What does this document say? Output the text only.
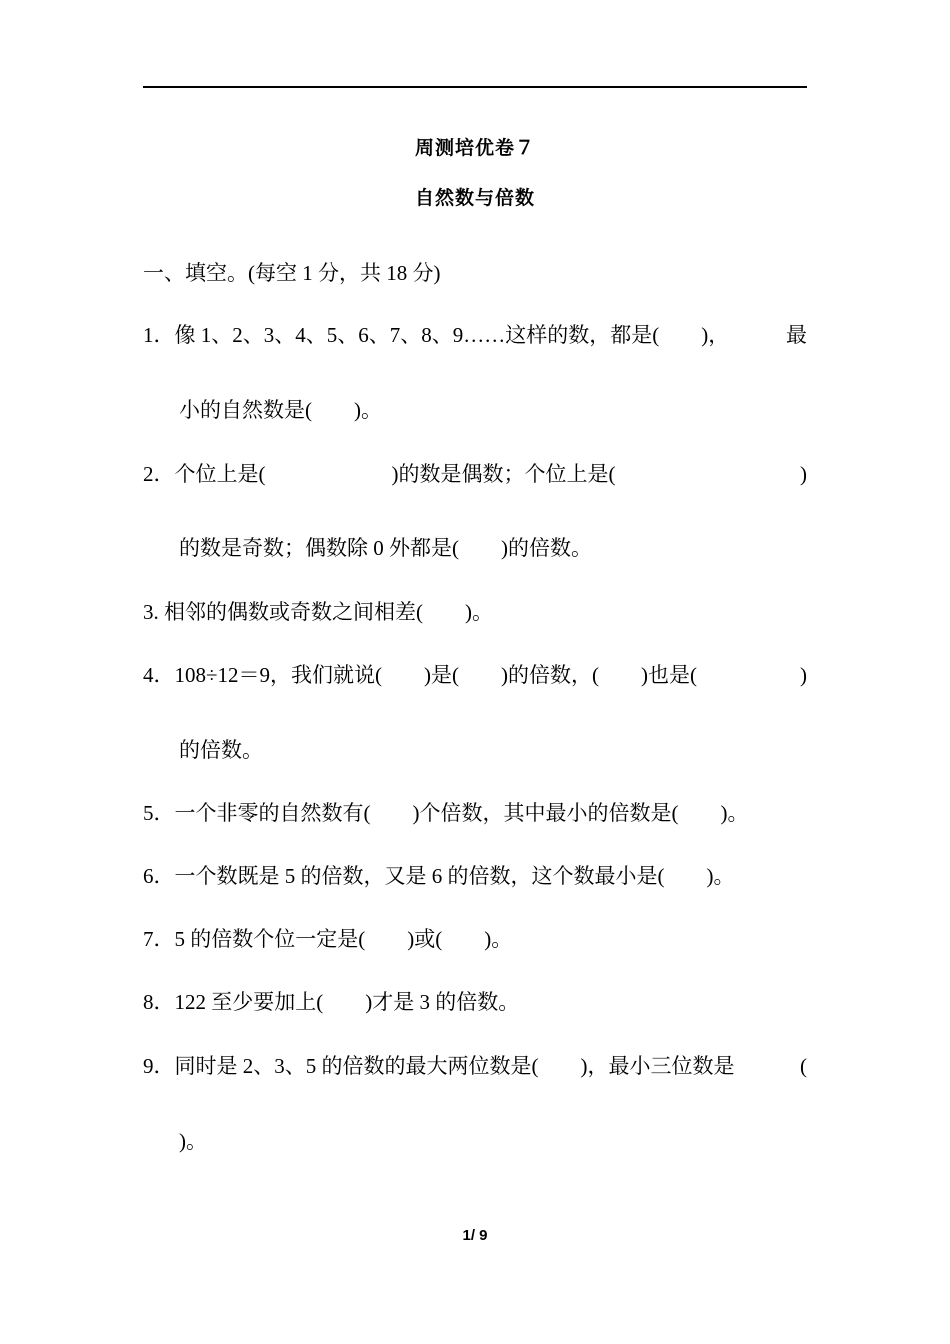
周测培优卷７
自然数与倍数
一、填空。(每空 1 分，共 18 分)
1．像 1、2、3、4、5、6、7、8、9……这样的数，都是(        )，	最
小的自然数是(        )。
2．个位上是(                        )的数是偶数；个位上是(	)
的数是奇数；偶数除 0 外都是(        )的倍数。
3. 相邻的偶数或奇数之间相差(        )。
4．108÷12＝9，我们就说(        )是(        )的倍数，(        )也是(	)
的倍数。
5．一个非零的自然数有(        )个倍数，其中最小的倍数是(        )。
6．一个数既是 5 的倍数，又是 6 的倍数，这个数最小是(        )。
7．5 的倍数个位一定是(        )或(        )。
8．122 至少要加上(        )才是 3 的倍数。
9．同时是 2、3、5 的倍数的最大两位数是(        )，最小三位数是	(
)。
1/ 9
